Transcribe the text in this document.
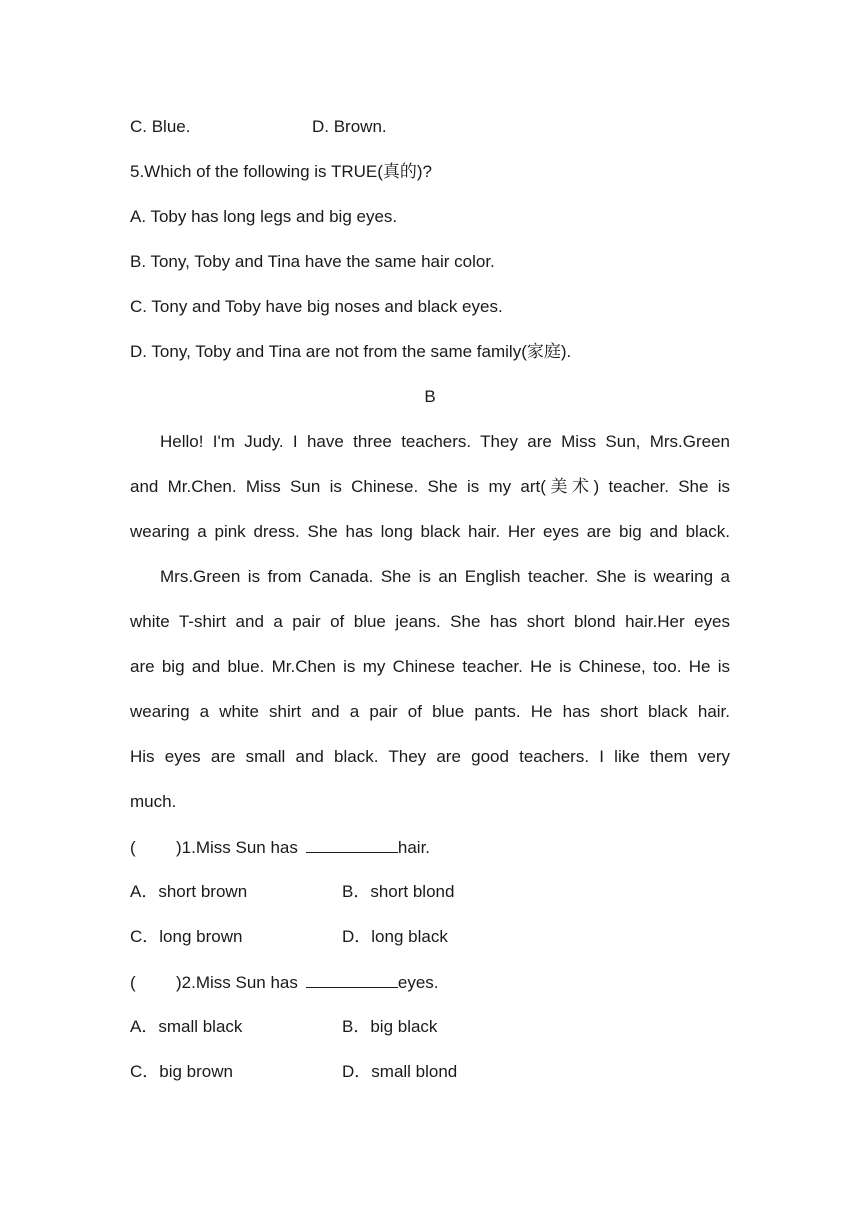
C. Blue.	D. Brown.
5.Which of the following is TRUE(真的)?
A. Toby has long legs and big eyes.
B. Tony, Toby and Tina have the same hair color.
C. Tony and Toby have big noses and black eyes.
D. Tony, Toby and Tina are not from the same family(家庭).
B
Hello! I'm Judy. I have three teachers. They are Miss Sun, Mrs.Green
and Mr.Chen. Miss Sun is Chinese. She is my art(美术) teacher. She is
wearing a pink dress. She has long black hair. Her eyes are big and black.
Mrs.Green is from Canada. She is an English teacher. She is wearing a
white T-shirt and a pair of blue jeans. She has short blond hair.Her eyes
are big and blue. Mr.Chen is my Chinese teacher. He is Chinese, too. He is
wearing a white shirt and a pair of blue pants. He has short black hair.
His eyes are small and black. They are good teachers. I like them very
much.
( )1.Miss Sun has	hair.
A．short brown	B．short blond
C．long brown	D．long black
( )2.Miss Sun has	eyes.
A．small black	B．big black
C．big brown	D．small blond
